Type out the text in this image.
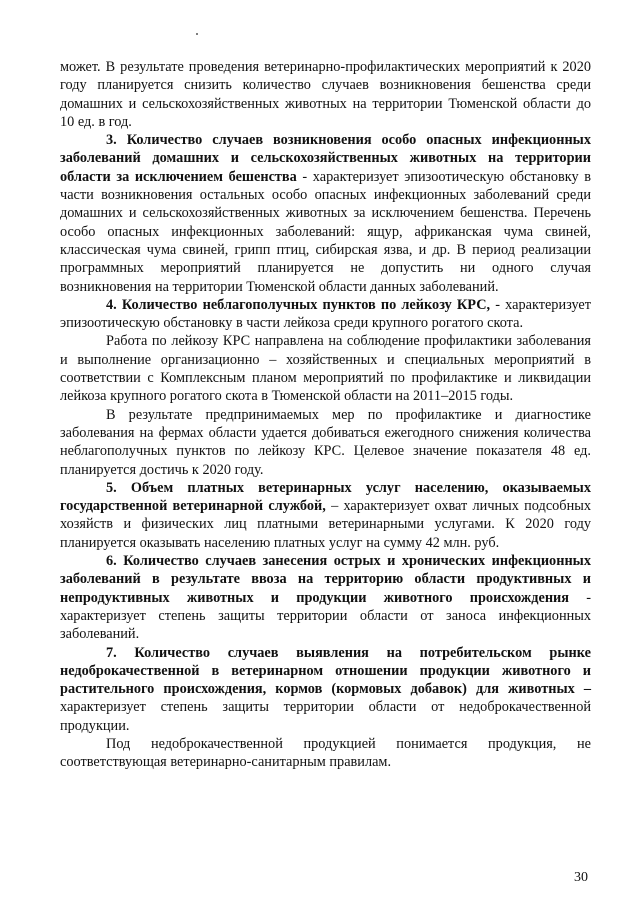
может. В результате проведения ветеринарно-профилактических мероприятий к 2020 году планируется снизить количество случаев возникновения бешенства среди домашних и сельскохозяйственных животных на территории Тюменской области до 10 ед. в год.

3. Количество случаев возникновения особо опасных инфекционных заболеваний домашних и сельскохозяйственных животных на территории области за исключением бешенства - характеризует эпизоотическую обстановку в части возникновения остальных особо опасных инфекционных заболеваний среди домашних и сельскохозяйственных животных за исключением бешенства. Перечень особо опасных инфекционных заболеваний: ящур, африканская чума свиней, классическая чума свиней, грипп птиц, сибирская язва, и др. В период реализации программных мероприятий планируется не допустить ни одного случая возникновения на территории Тюменской области данных заболеваний.

4. Количество неблагополучных пунктов по лейкозу КРС, - характеризует эпизоотическую обстановку в части лейкоза среди крупного рогатого скота.

Работа по лейкозу КРС направлена на соблюдение профилактики заболевания и выполнение организационно – хозяйственных и специальных мероприятий в соответствии с Комплексным планом мероприятий по профилактике и ликвидации лейкоза крупного рогатого скота в Тюменской области на 2011–2015 годы.

В результате предпринимаемых мер по профилактике и диагностике заболевания на фермах области удается добиваться ежегодного снижения количества неблагополучных пунктов по лейкозу КРС. Целевое значение показателя 48 ед. планируется достичь к 2020 году.

5. Объем платных ветеринарных услуг населению, оказываемых государственной ветеринарной службой, – характеризует охват личных подсобных хозяйств и физических лиц платными ветеринарными услугами. К 2020 году планируется оказывать населению платных услуг на сумму 42 млн. руб.

6. Количество случаев занесения острых и хронических инфекционных заболеваний в результате ввоза на территорию области продуктивных и непродуктивных животных и продукции животного происхождения - характеризует степень защиты территории области от заноса инфекционных заболеваний.

7. Количество случаев выявления на потребительском рынке недоброкачественной в ветеринарном отношении продукции животного и растительного происхождения, кормов (кормовых добавок) для животных – характеризует степень защиты территории области от недоброкачественной продукции.

Под недоброкачественной продукцией понимается продукция, не соответствующая ветеринарно-санитарным правилам.

30
